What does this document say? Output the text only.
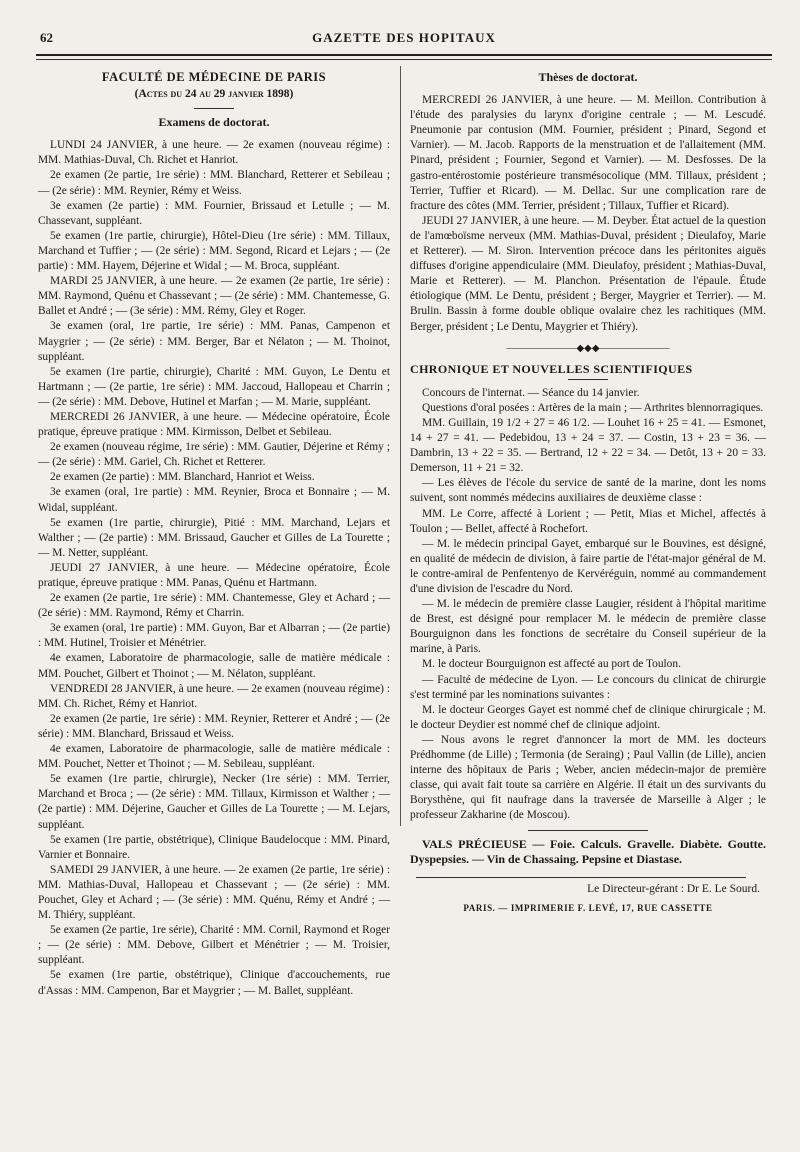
62	GAZETTE DES HOPITAUX
FACULTÉ DE MÉDECINE DE PARIS
(Actes du 24 au 29 janvier 1898)
Examens de doctorat.

LUNDI 24 JANVIER, à une heure. — 2e examen (nouveau régime) : MM. Mathias-Duval, Ch. Richet et Hanriot.

2e examen (2e partie, 1re série) : MM. Blanchard, Retterer et Sebileau ; — (2e série) : MM. Reynier, Rémy et Weiss.

3e examen (2e partie) : MM. Fournier, Brissaud et Letulle ; — M. Chassevant, suppléant.

5e examen (1re partie, chirurgie), Hôtel-Dieu (1re série) : MM. Tillaux, Marchand et Tuffier ; — (2e série) : MM. Segond, Ricard et Lejars ; — (2e partie) : MM. Hayem, Déjerine et Widal ; — M. Broca, suppléant.

MARDI 25 JANVIER, à une heure. — 2e examen (2e partie, 1re série) : MM. Raymond, Quénu et Chassevant ; — (2e série) : MM. Chantemesse, G. Ballet et André ; — (3e série) : MM. Rémy, Gley et Roger.

3e examen (oral, 1re partie, 1re série) : MM. Panas, Campenon et Maygrier ; — (2e série) : MM. Berger, Bar et Nélaton ; — M. Thoinot, suppléant.

5e examen (1re partie, chirurgie), Charité : MM. Guyon, Le Dentu et Hartmann ; — (2e partie, 1re série) : MM. Jaccoud, Hallopeau et Charrin ; — (2e série) : MM. Debove, Hutinel et Marfan ; — M. Marie, suppléant.

MERCREDI 26 JANVIER, à une heure. — Médecine opératoire, École pratique, épreuve pratique : MM. Kirmisson, Delbet et Sebileau.

2e examen (nouveau régime, 1re série) : MM. Gautier, Déjerine et Rémy ; — (2e série) : MM. Gariel, Ch. Richet et Retterer.

2e examen (2e partie) : MM. Blanchard, Hanriot et Weiss.

3e examen (oral, 1re partie) : MM. Reynier, Broca et Bonnaire ; — M. Widal, suppléant.

5e examen (1re partie, chirurgie), Pitié : MM. Marchand, Lejars et Walther ; — (2e partie) : MM. Brissaud, Gaucher et Gilles de La Tourette ; — M. Netter, suppléant.

JEUDI 27 JANVIER, à une heure. — Médecine opératoire, École pratique, épreuve pratique : MM. Panas, Quénu et Hartmann.

2e examen (2e partie, 1re série) : MM. Chantemesse, Gley et Achard ; — (2e série) : MM. Raymond, Rémy et Charrin.

3e examen (oral, 1re partie) : MM. Guyon, Bar et Albarran ; — (2e partie) : MM. Hutinel, Troisier et Ménétrier.

4e examen, Laboratoire de pharmacologie, salle de matière médicale : MM. Pouchet, Gilbert et Thoinot ; — M. Nélaton, suppléant.

VENDREDI 28 JANVIER, à une heure. — 2e examen (nouveau régime) : MM. Ch. Richet, Rémy et Hanriot.

2e examen (2e partie, 1re série) : MM. Reynier, Retterer et André ; — (2e série) : MM. Blanchard, Brissaud et Weiss.

4e examen, Laboratoire de pharmacologie, salle de matière médicale : MM. Pouchet, Netter et Thoinot ; — M. Sebileau, suppléant.

5e examen (1re partie, chirurgie), Necker (1re série) : MM. Terrier, Marchand et Broca ; — (2e série) : MM. Tillaux, Kirmisson et Walther ; — (2e partie) : MM. Déjerine, Gaucher et Gilles de La Tourette ; — M. Lejars, suppléant.

5e examen (1re partie, obstétrique), Clinique Baudelocque : MM. Pinard, Varnier et Bonnaire.

SAMEDI 29 JANVIER, à une heure. — 2e examen (2e partie, 1re série) : MM. Mathias-Duval, Hallopeau et Chassevant ; — (2e série) : MM. Pouchet, Gley et Achard ; — (3e série) : MM. Quénu, Rémy et André ; — M. Thiéry, suppléant.

5e examen (2e partie, 1re série), Charité : MM. Cornil, Raymond et Roger ; — (2e série) : MM. Debove, Gilbert et Ménétrier ; — M. Troisier, suppléant.

5e examen (1re partie, obstétrique), Clinique d'accouchements, rue d'Assas : MM. Campenon, Bar et Maygrier ; — M. Ballet, suppléant.

Thèses de doctorat.

MERCREDI 26 JANVIER, à une heure. — M. Meillon. Contribution à l'étude des paralysies du larynx d'origine centrale ; — M. Lescudé. Pneumonie par contusion (MM. Fournier, président ; Pinard, Segond et Varnier). — M. Jacob. Rapports de la menstruation et de l'allaitement (MM. Pinard, président ; Fournier, Segond et Varnier). — M. Desfosses. De la gastro-entérostomie postérieure transmésocolique (MM. Tillaux, président ; Terrier, Tuffier et Ricard). — M. Dellac. Sur une complication rare de fracture des côtes (MM. Terrier, président ; Tillaux, Tuffier et Ricard).

JEUDI 27 JANVIER, à une heure. — M. Deyber. État actuel de la question de l'amœboïsme nerveux (MM. Mathias-Duval, président ; Dieulafoy, Marie et Retterer). — M. Siron. Intervention précoce dans les péritonites aiguës diffuses d'origine appendiculaire (MM. Dieulafoy, président ; Mathias-Duval, Marie et Retterer). — M. Planchon. Présentation de l'épaule. Étude étiologique (MM. Le Dentu, président ; Berger, Maygrier et Terrier). — M. Brulin. Bassin à forme double oblique ovalaire chez les rachitiques (MM. Berger, président ; Le Dentu, Maygrier et Thiéry).

———————◆◆◆———————
CHRONIQUE ET NOUVELLES SCIENTIFIQUES

Concours de l'internat. — Séance du 14 janvier.

Questions d'oral posées : Artères de la main ; — Arthrites blennorragiques.

MM. Guillain, 19 1/2 + 27 = 46 1/2. — Louhet 16 + 25 = 41. — Esmonet, 14 + 27 = 41. — Pedebidou, 13 + 24 = 37. — Costin, 13 + 23 = 36. — Dambrin, 13 + 22 = 35. — Bertrand, 12 + 22 = 34. — Detôt, 13 + 20 = 33. Demerson, 11 + 21 = 32.

— Les élèves de l'école du service de santé de la marine, dont les noms suivent, sont nommés médecins auxiliaires de deuxième classe :

MM. Le Corre, affecté à Lorient ; — Petit, Mias et Michel, affectés à Toulon ; — Bellet, affecté à Rochefort.

— M. le médecin principal Gayet, embarqué sur le Bouvines, est désigné, en qualité de médecin de division, à faire partie de l'état-major général de M. le contre-amiral de Penfentenyo de Kervéréguin, nommé au commandement d'une division de l'escadre du Nord.

— M. le médecin de première classe Laugier, résident à l'hôpital maritime de Brest, est désigné pour remplacer M. le médecin de première classe Bourguignon dans les fonctions de secrétaire du Conseil supérieur de la marine, à Paris.

M. le docteur Bourguignon est affecté au port de Toulon.

— Faculté de médecine de Lyon. — Le concours du clinicat de chirurgie s'est terminé par les nominations suivantes :

M. le docteur Georges Gayet est nommé chef de clinique chirurgicale ; M. le docteur Deydier est nommé chef de clinique adjoint.

— Nous avons le regret d'annoncer la mort de MM. les docteurs Prédhomme (de Lille) ; Termonia (de Seraing) ; Paul Vallin (de Lille), ancien interne des hôpitaux de Paris ; Weber, ancien médecin-major de première classe, qui avait fait toute sa carrière en Algérie. Il était un des survivants du Borysthène, qui fit naufrage dans la traversée de Marseille à Alger ; le professeur Zakharine (de Moscou).

VALS PRÉCIEUSE — Foie. Calculs. Gravelle. Diabète. Goutte. Dyspepsies. — Vin de Chassaing. Pepsine et Diastase.

Le Directeur-gérant : Dr E. Le Sourd.
PARIS. — IMPRIMERIE F. LEVÉ, 17, RUE CASSETTE
